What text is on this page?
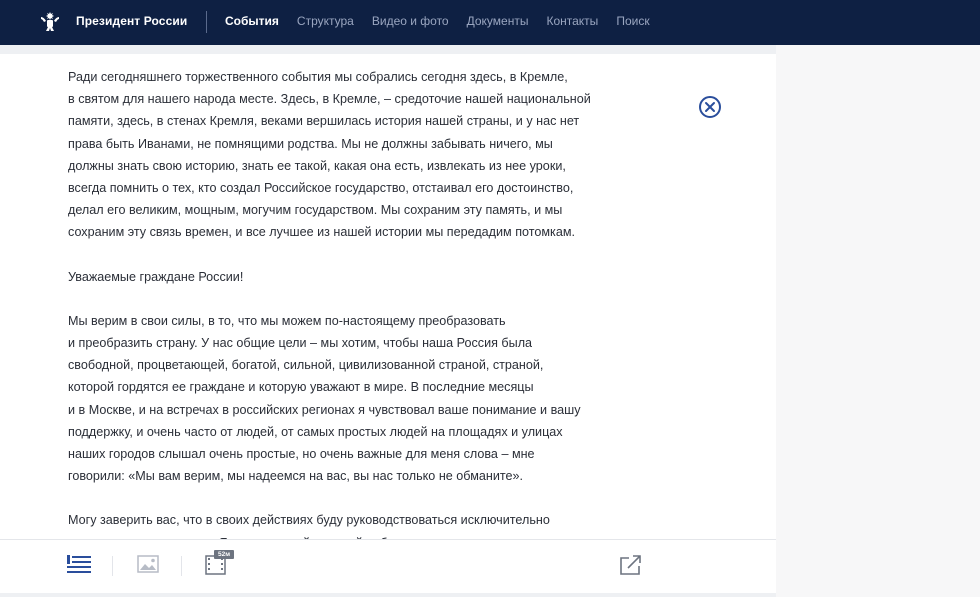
Президент России	События Структура Видео и фото Документы Контакты Поиск

Ради сегодняшнего торжественного события мы собрались сегодня здесь, в Кремле,
в святом для нашего народа месте. Здесь, в Кремле, – средоточие нашей национальной
памяти, здесь, в стенах Кремля, веками вершилась история нашей страны, и у нас нет
права быть Иванами, не помнящими родства. Мы не должны забывать ничего, мы
должны знать свою историю, знать ее такой, какая она есть, извлекать из нее уроки,
всегда помнить о тех, кто создал Российское государство, отстаивал его достоинство,
делал его великим, мощным, могучим государством. Мы сохраним эту память, и мы
сохраним эту связь времен, и все лучшее из нашей истории мы передадим потомкам.

Уважаемые граждане России!

Мы верим в свои силы, в то, что мы можем по-настоящему преобразовать
и преобразить страну. У нас общие цели – мы хотим, чтобы наша Россия была
свободной, процветающей, богатой, сильной, цивилизованной страной, страной,
которой гордятся ее граждане и которую уважают в мире. В последние месяцы
и в Москве, и на встречах в российских регионах я чувствовал ваше понимание и вашу
поддержку, и очень часто от людей, от самых простых людей на площадях и улицах
наших городов слышал очень простые, но очень важные для меня слова – мне
говорили: «Мы вам верим, мы надеемся на вас, вы нас только не обманите».

Могу заверить вас, что в своих действиях буду руководствоваться исключительно

52м
